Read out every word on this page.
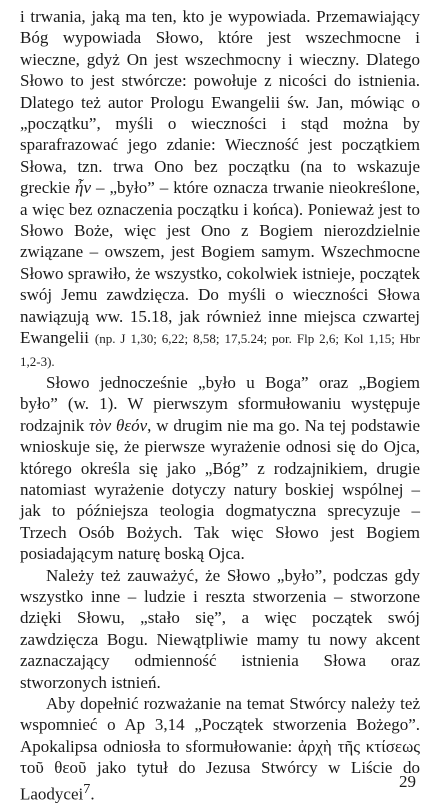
i trwania, jaką ma ten, kto je wypowiada. Przemawiający Bóg wypowiada Słowo, które jest wszechmocne i wieczne, gdyż On jest wszechmocny i wieczny. Dlatego Słowo to jest stwórcze: powołuje z nicości do istnienia. Dlatego też autor Prologu Ewangelii św. Jan, mówiąc o „początku”, myśli o wieczności i stąd można by sparafrazować jego zdanie: Wieczność jest początkiem Słowa, tzn. trwa Ono bez początku (na to wskazuje greckie ἦν – „było” – które oznacza trwanie nieokreślone, a więc bez oznaczenia początku i końca). Ponieważ jest to Słowo Boże, więc jest Ono z Bogiem nierozdzielnie związane – owszem, jest Bogiem samym. Wszechmocne Słowo sprawiło, że wszystko, cokolwiek istnieje, początek swój Jemu zawdzięcza. Do myśli o wieczności Słowa nawiązują ww. 15.18, jak również inne miejsca czwartej Ewangelii (np. J 1,30; 6,22; 8,58; 17,5.24; por. Flp 2,6; Kol 1,15; Hbr 1,2-3).

Słowo jednocześnie „było u Boga” oraz „Bogiem było” (w. 1). W pierwszym sformułowaniu występuje rodzajnik τὸν θεόν, w drugim nie ma go. Na tej podstawie wnioskuje się, że pierwsze wyrażenie odnosi się do Ojca, którego określa się jako „Bóg” z rodzajnikiem, drugie natomiast wyrażenie dotyczy natury boskiej wspólnej – jak to późniejsza teologia dogmatyczna sprecyzuje – Trzech Osób Bożych. Tak więc Słowo jest Bogiem posiadającym naturę boską Ojca.

Należy też zauważyć, że Słowo „było”, podczas gdy wszystko inne – ludzie i reszta stworzenia – stworzone dzięki Słowu, „stało się”, a więc początek swój zawdzięcza Bogu. Niewątpliwie mamy tu nowy akcent zaznaczający odmienność istnienia Słowa oraz stworzonych istnień.

Aby dopełnić rozważanie na temat Stwórcy należy też wspomnieć o Ap 3,14 „Początek stworzenia Bożego”. Apokalipsa odniosła to sformułowanie: ἀρχὴ τῆς κτίσεως τοῦ θεοῦ jako tytuł do Jezusa Stwórcy w Liście do Laodycei$^7$.

29
